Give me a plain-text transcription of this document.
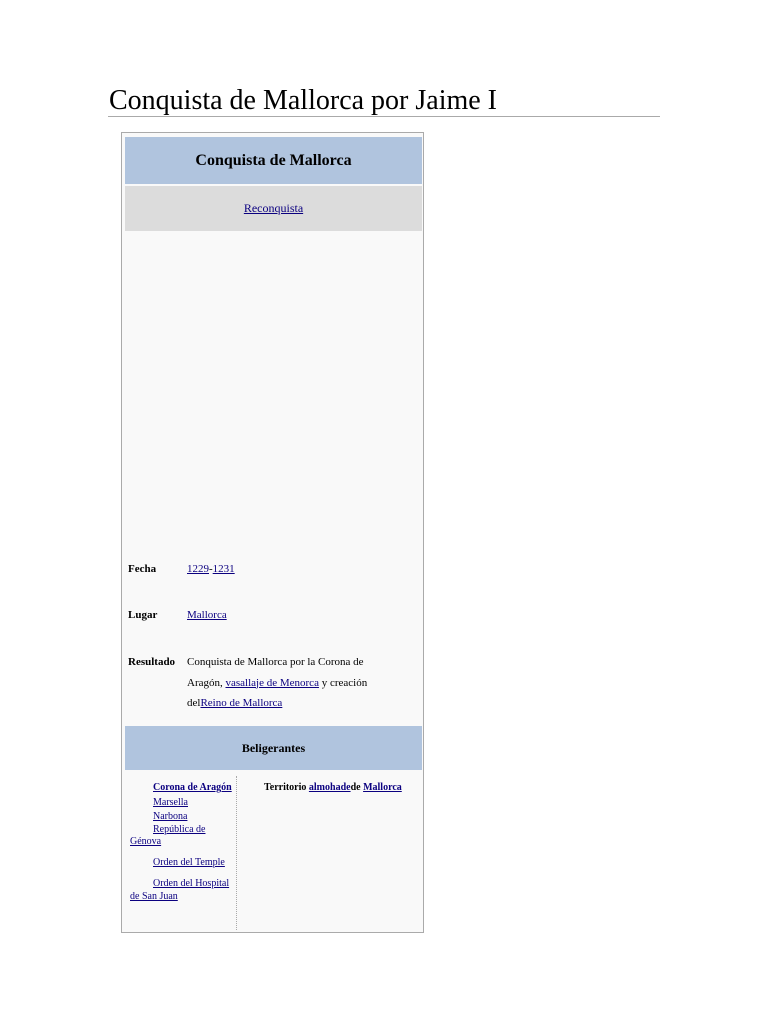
Conquista de Mallorca por Jaime I
Conquista de Mallorca
Reconquista
Fecha	1229-1231
Lugar	Mallorca
Resultado Conquista de Mallorca por la Corona de Aragón, vasallaje de Menorca y creación delReino de Mallorca
Beligerantes
Corona de Aragón
Marsella
Narbona
República de Génova
Orden del Temple
Orden del Hospital de San Juan
Territorio almohadede Mallorca
